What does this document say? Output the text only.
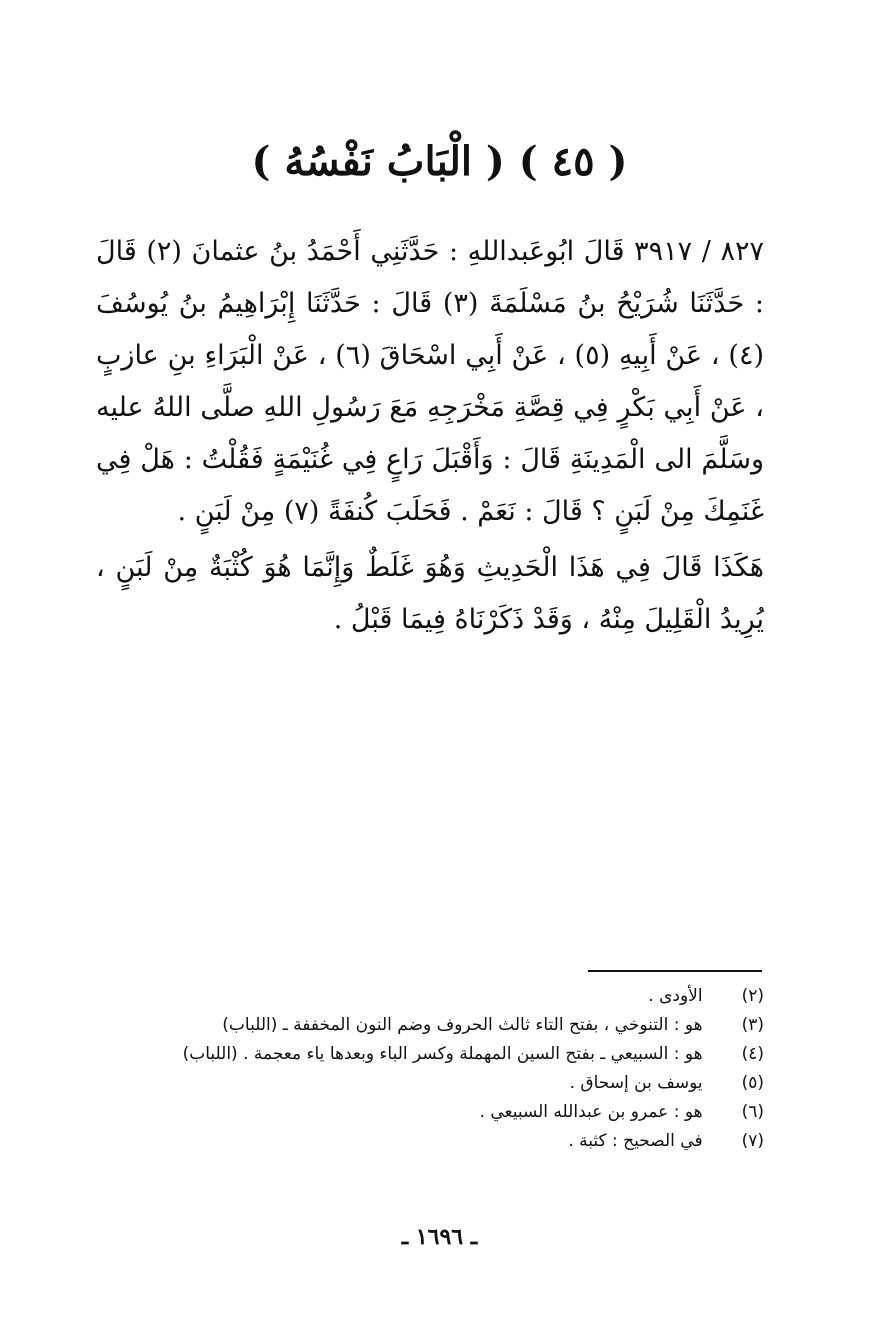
( ٤٥ ) ( الْبَابُ نَفْسُهُ )

٨٢٧ / ٣٩١٧ قَالَ ابُوعَبداللهِ : حَدَّثَنِي أَحْمَدُ بنُ عثمانَ (٢) قَالَ : حَدَّثَنَا شُرَيْحُ بنُ مَسْلَمَةَ (٣) قَالَ : حَدَّثَنَا إِبْرَاهِيمُ بنُ يُوسُفَ (٤) ، عَنْ أَبِيهِ (٥) ، عَنْ أَبِي اسْحَاقَ (٦) ، عَنْ الْبَرَاءِ بنِ عازبٍ ، عَنْ أَبِي بَكْرٍ فِي قِصَّةِ مَخْرَجِهِ مَعَ رَسُولِ اللهِ صلَّى اللهُ عليه وسَلَّمَ الى الْمَدِينَةِ قَالَ : وَأَقْبَلَ رَاعٍ فِي غُنَيْمَةٍ فَقُلْتُ : هَلْ فِي غَنَمِكَ مِنْ لَبَنٍ ؟ قَالَ : نَعَمْ . فَحَلَبَ كُنفَةً (٧) مِنْ لَبَنٍ .

هَكَذَا قَالَ فِي هَذَا الْحَدِيثِ وَهُوَ غَلَطٌ وَإِنَّمَا هُوَ كُثْبَةٌ مِنْ لَبَنٍ ، يُرِيدُ الْقَلِيلَ مِنْهُ ، وَقَدْ ذَكَرْنَاهُ فِيمَا قَبْلُ .

(٢) الأودى .
(٣) هو : التنوخي ، بفتح التاء ثالث الحروف وضم النون المخففة ـ (اللباب)
(٤) هو : السبيعي ـ بفتح السين المهملة وكسر الباء وبعدها ياء معجمة . (اللباب)
(٥) يوسف بن إسحاق .
(٦) هو : عمرو بن عبدالله السبيعي .
(٧) في الصحيح : كثبة .
ـ ١٦٩٦ ـ
